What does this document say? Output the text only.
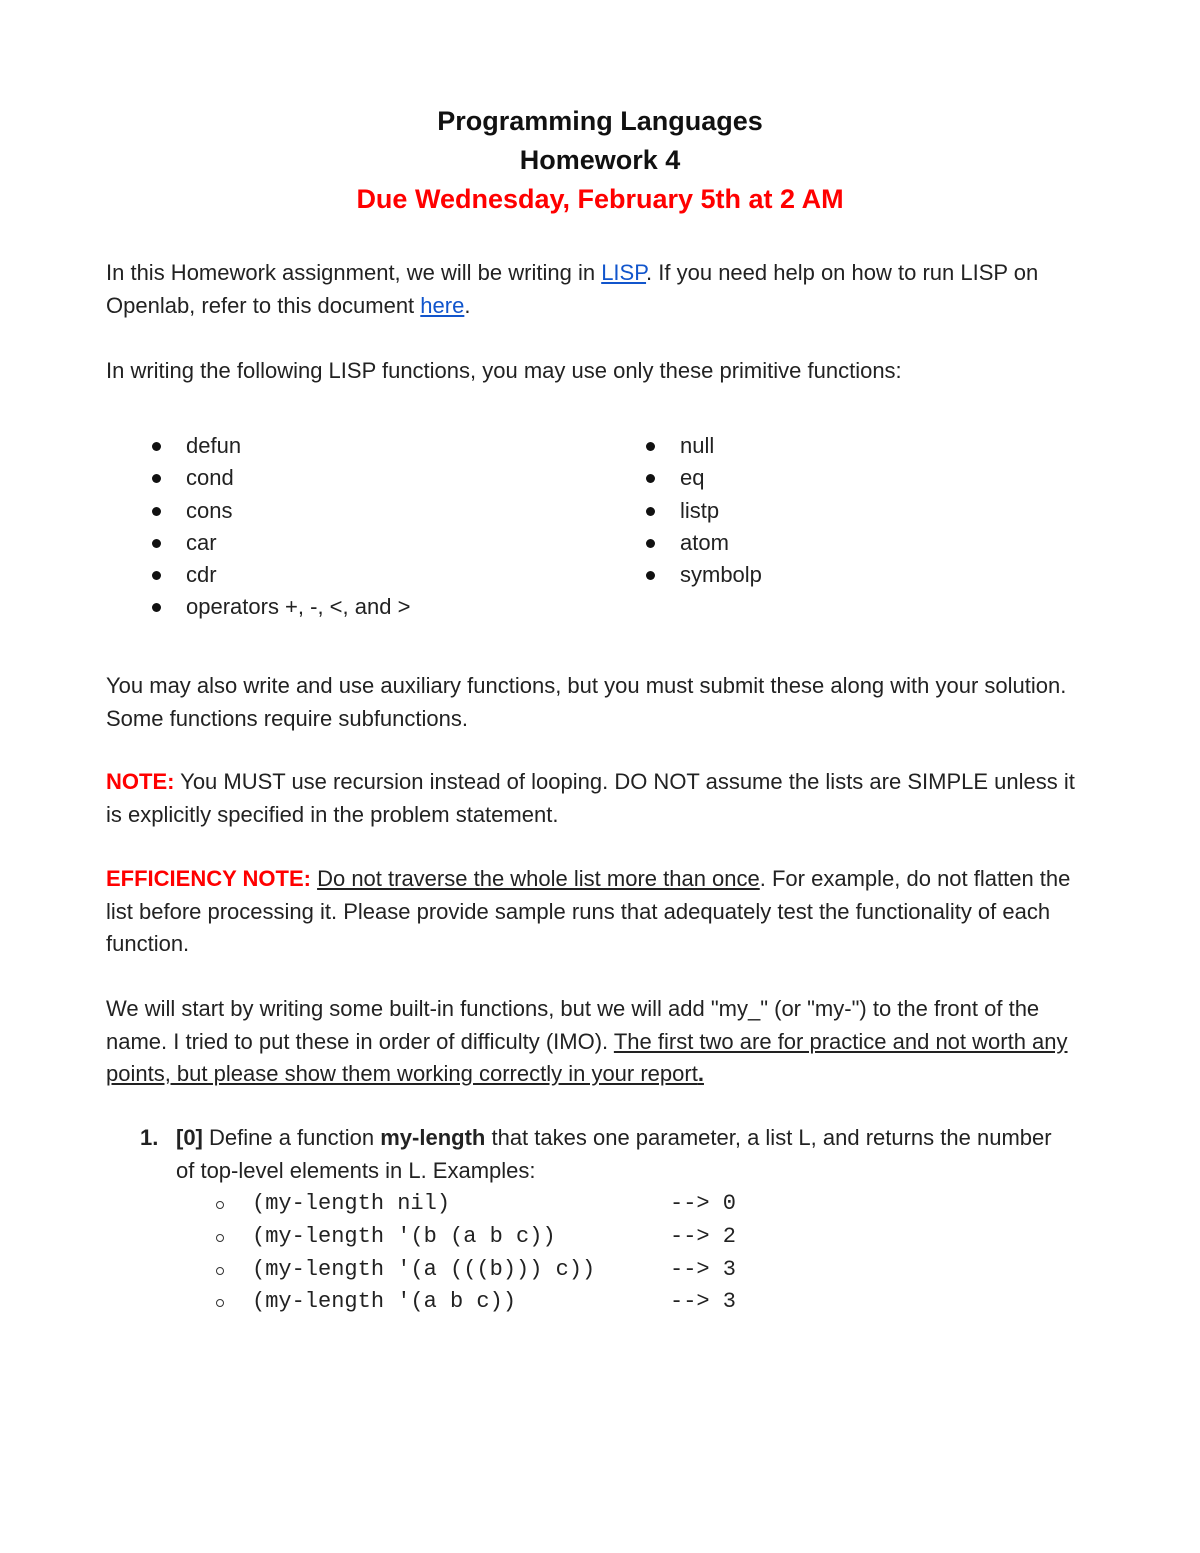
Programming Languages
Homework 4
Due Wednesday, February 5th at 2 AM

In this Homework assignment, we will be writing in LISP. If you need help on how to run LISP on Openlab, refer to this document here.

In writing the following LISP functions, you may use only these primitive functions:

defun
cond
cons
car
cdr
operators +, -, <, and >
null
eq
listp
atom
symbolp

You may also write and use auxiliary functions, but you must submit these along with your solution. Some functions require subfunctions.

NOTE: You MUST use recursion instead of looping. DO NOT assume the lists are SIMPLE unless it is explicitly specified in the problem statement.

EFFICIENCY NOTE: Do not traverse the whole list more than once. For example, do not flatten the list before processing it. Please provide sample runs that adequately test the functionality of each function.

We will start by writing some built-in functions, but we will add "my_" (or "my-") to the front of the name. I tried to put these in order of difficulty (IMO). The first two are for practice and not worth any points, but please show them working correctly in your report.

1. [0] Define a function my-length that takes one parameter, a list L, and returns the number of top-level elements in L. Examples:
(my-length nil)	--> 0
(my-length '(b (a b c))	--> 2
(my-length '(a (((b))) c))	--> 3
(my-length '(a b c))	--> 3
